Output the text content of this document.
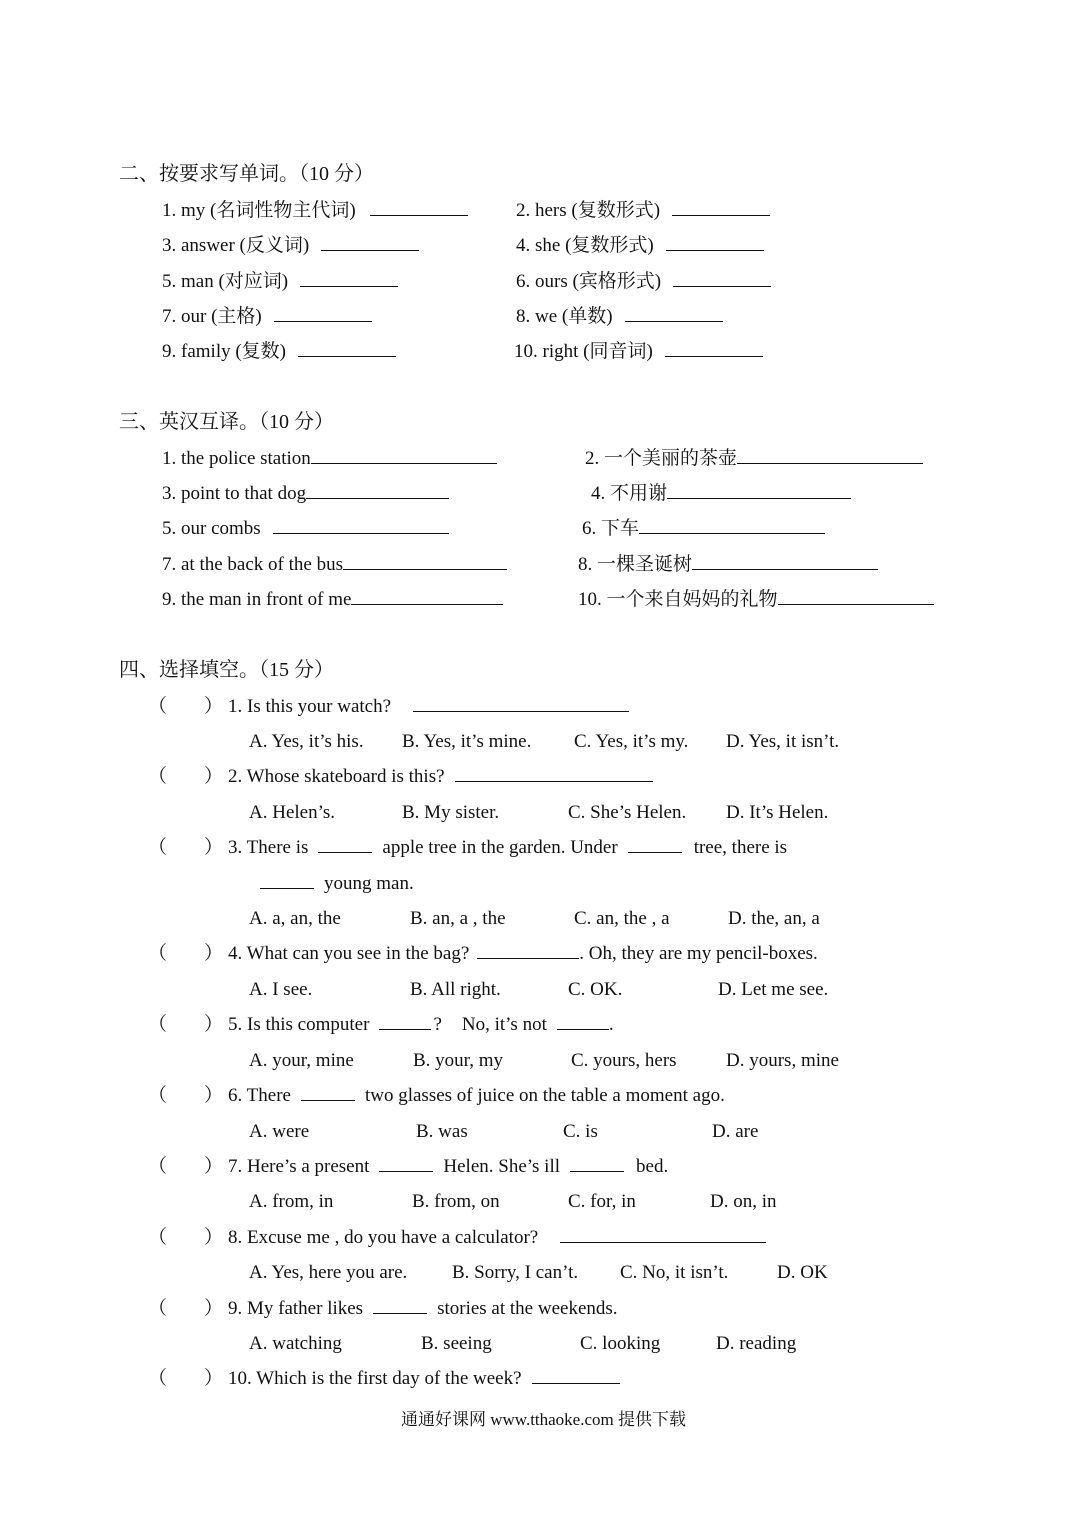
二、按要求写单词。（10 分）
1. my (名词性物主代词)	2. hers (复数形式)
3. answer (反义词)	4. she (复数形式)
5. man (对应词)	6. ours (宾格形式)
7. our (主格)	8. we (单数)
9. family (复数)	10. right (同音词)
三、英汉互译。（10 分）
1. the police station	2. 一个美丽的茶壶
3. point to that dog	4. 不用谢
5. our combs	6. 下车
7. at the back of the bus	8. 一棵圣诞树
9. the man in front of me	10. 一个来自妈妈的礼物
四、选择填空。（15 分）
（ ） 1. Is this your watch?
A. Yes, it’s his. B. Yes, it’s mine. C. Yes, it’s my. D. Yes, it isn’t.
（ ） 2. Whose skateboard is this?
A. Helen’s.	B. My sister.	C. She’s Helen. D. It’s Helen.
（ ） 3. There is	apple tree in the garden. Under	tree, there is
young man.
A. a, an, the	B. an, a , the	C. an, the , a	D. the, an, a
（ ） 4. What can you see in the bag?	. Oh, they are my pencil-boxes.
A. I see.	B. All right.	C. OK.	D. Let me see.
（ ） 5. Is this computer	? No, it’s not	.
A. your, mine	B. your, my	C. yours, hers	D. yours, mine
（ ） 6. There	two glasses of juice on the table a moment ago.
A. were	B. was	C. is	D. are
（ ） 7. Here’s a present	Helen. She’s ill	bed.
A. from, in	B. from, on	C. for, in	D. on, in
（ ） 8. Excuse me , do you have a calculator?
A. Yes, here you are. B. Sorry, I can’t. C. No, it isn’t.	D. OK
（ ） 9. My father likes	stories at the weekends.
A. watching	B. seeing	C. looking	D. reading
（ ） 10. Which is the first day of the week?
通通好课网 www.tthaoke.com 提供下载
